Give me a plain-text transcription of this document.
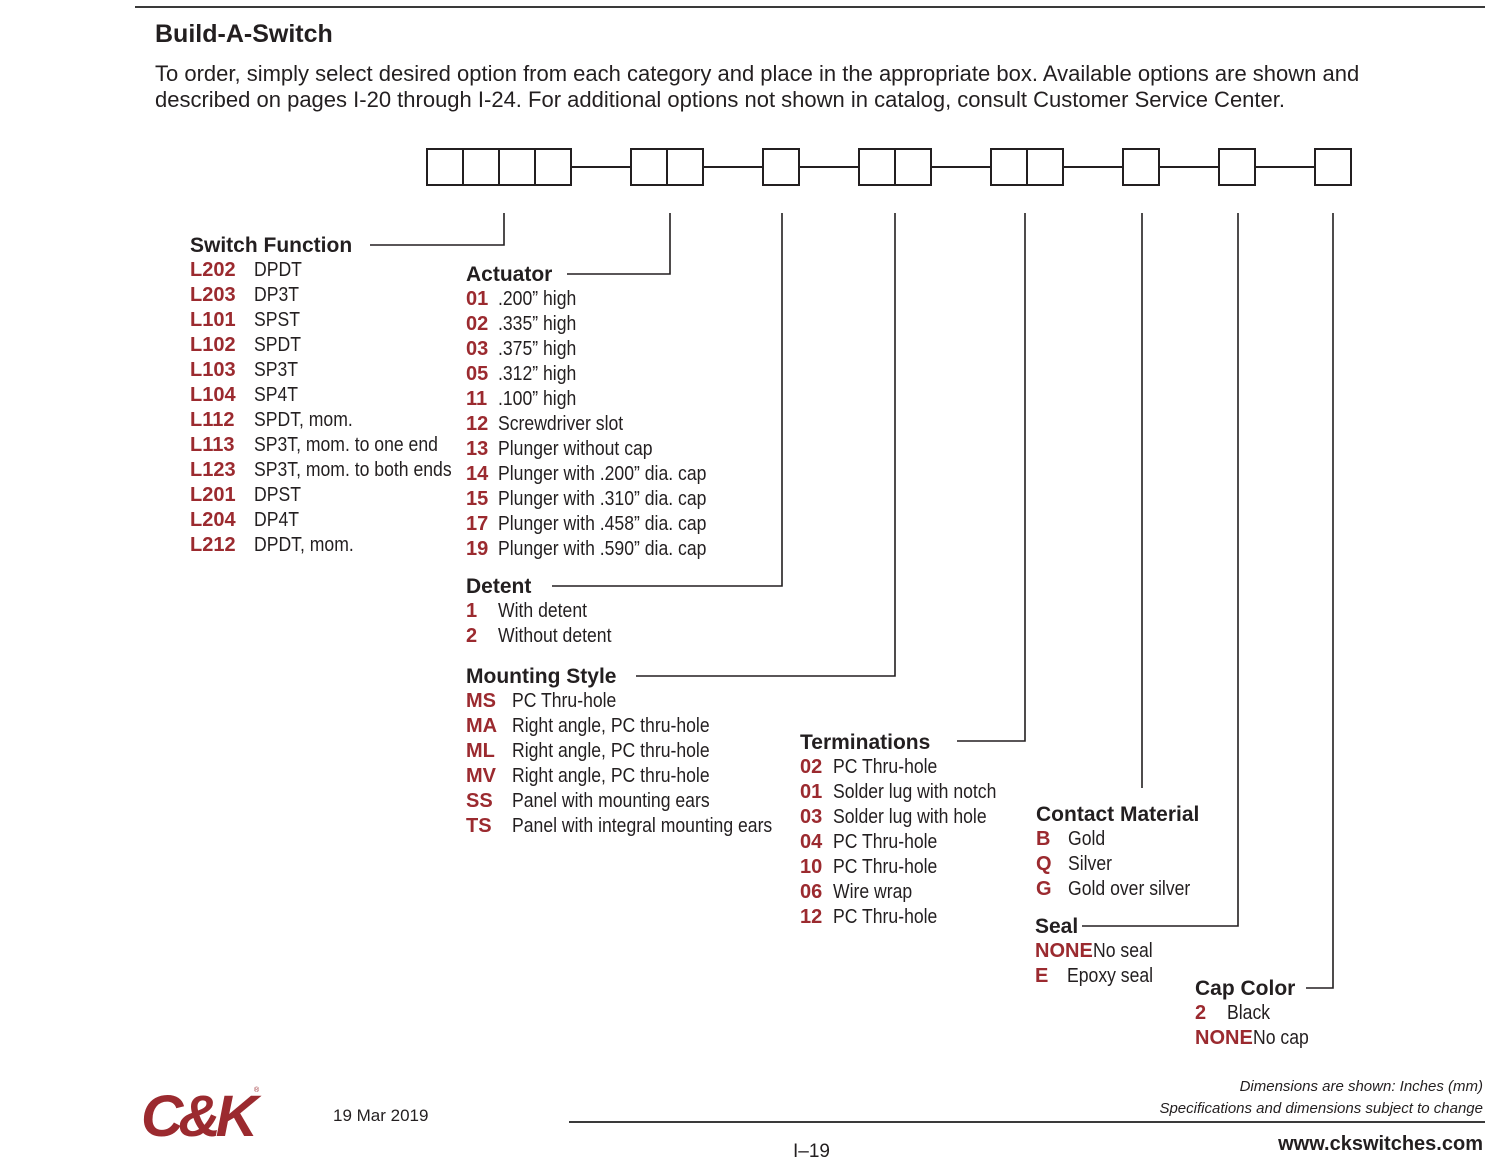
Build-A-Switch
To order, simply select desired option from each category and place in the appropriate box. Available options are shown and
described on pages I-20 through I-24. For additional options not shown in catalog, consult Customer Service Center.
Switch Function
L202 DPDT
L203 DP3T
L101 SPST
L102 SPDT
L103 SP3T
L104 SP4T
L112 SPDT, mom.
L113 SP3T, mom. to one end
L123 SP3T, mom. to both ends
L201 DPST
L204 DP4T
L212 DPDT, mom.
Actuator
01 .200” high
02 .335” high
03 .375” high
05 .312” high
11 .100” high
12 Screwdriver slot
13 Plunger without cap
14 Plunger with .200” dia. cap
15 Plunger with .310” dia. cap
17 Plunger with .458” dia. cap
19 Plunger with .590” dia. cap
Detent
1	With detent
2	Without detent
Mounting Style
MS PC Thru-hole
MA Right angle, PC thru-hole
ML Right angle, PC thru-hole
MV Right angle, PC thru-hole
SS Panel with mounting ears
TS	Panel with integral mounting ears
Terminations
02 PC Thru-hole
01 Solder lug with notch
03 Solder lug with hole
04 PC Thru-hole
10 PC Thru-hole
06 Wire wrap
12 PC Thru-hole
Contact Material
B Gold
Q Silver
G Gold over silver
Seal
NONE No seal
E Epoxy seal
Cap Color
2	Black
NONE No cap
C&K
®
19 Mar 2019
Dimensions are shown: Inches (mm)
Specifications and dimensions subject to change
I–19	www.ckswitches.com
